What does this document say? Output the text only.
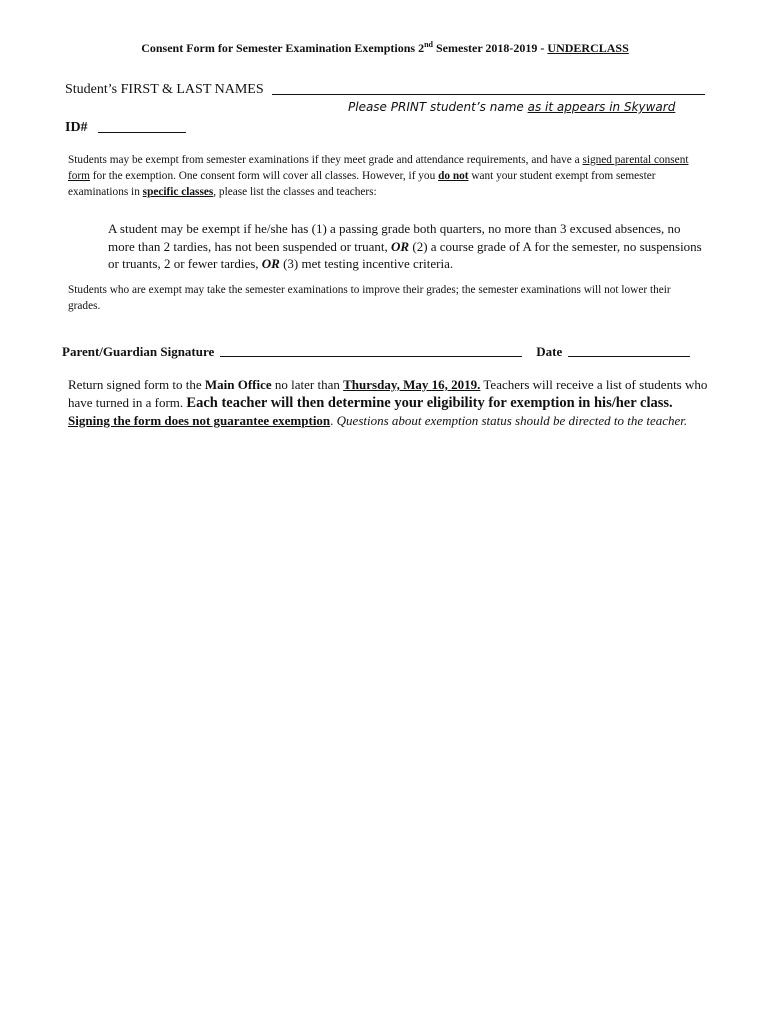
Consent Form for Semester Examination Exemptions 2nd Semester 2018-2019 - UNDERCLASS
Student’s FIRST & LAST NAMES
Please PRINT student’s name as it appears in Skyward
ID#
Students may be exempt from semester examinations if they meet grade and attendance requirements, and have a signed parental consent form for the exemption. One consent form will cover all classes. However, if you do not want your student exempt from semester examinations in specific classes, please list the classes and teachers:
A student may be exempt if he/she has (1) a passing grade both quarters, no more than 3 excused absences, no more than 2 tardies, has not been suspended or truant, OR (2) a course grade of A for the semester, no suspensions or truants, 2 or fewer tardies, OR (3) met testing incentive criteria.
Students who are exempt may take the semester examinations to improve their grades; the semester examinations will not lower their grades.
Parent/Guardian Signature	Date
Return signed form to the Main Office no later than Thursday, May 16, 2019. Teachers will receive a list of students who have turned in a form. Each teacher will then determine your eligibility for exemption in his/her class. Signing the form does not guarantee exemption. Questions about exemption status should be directed to the teacher.
